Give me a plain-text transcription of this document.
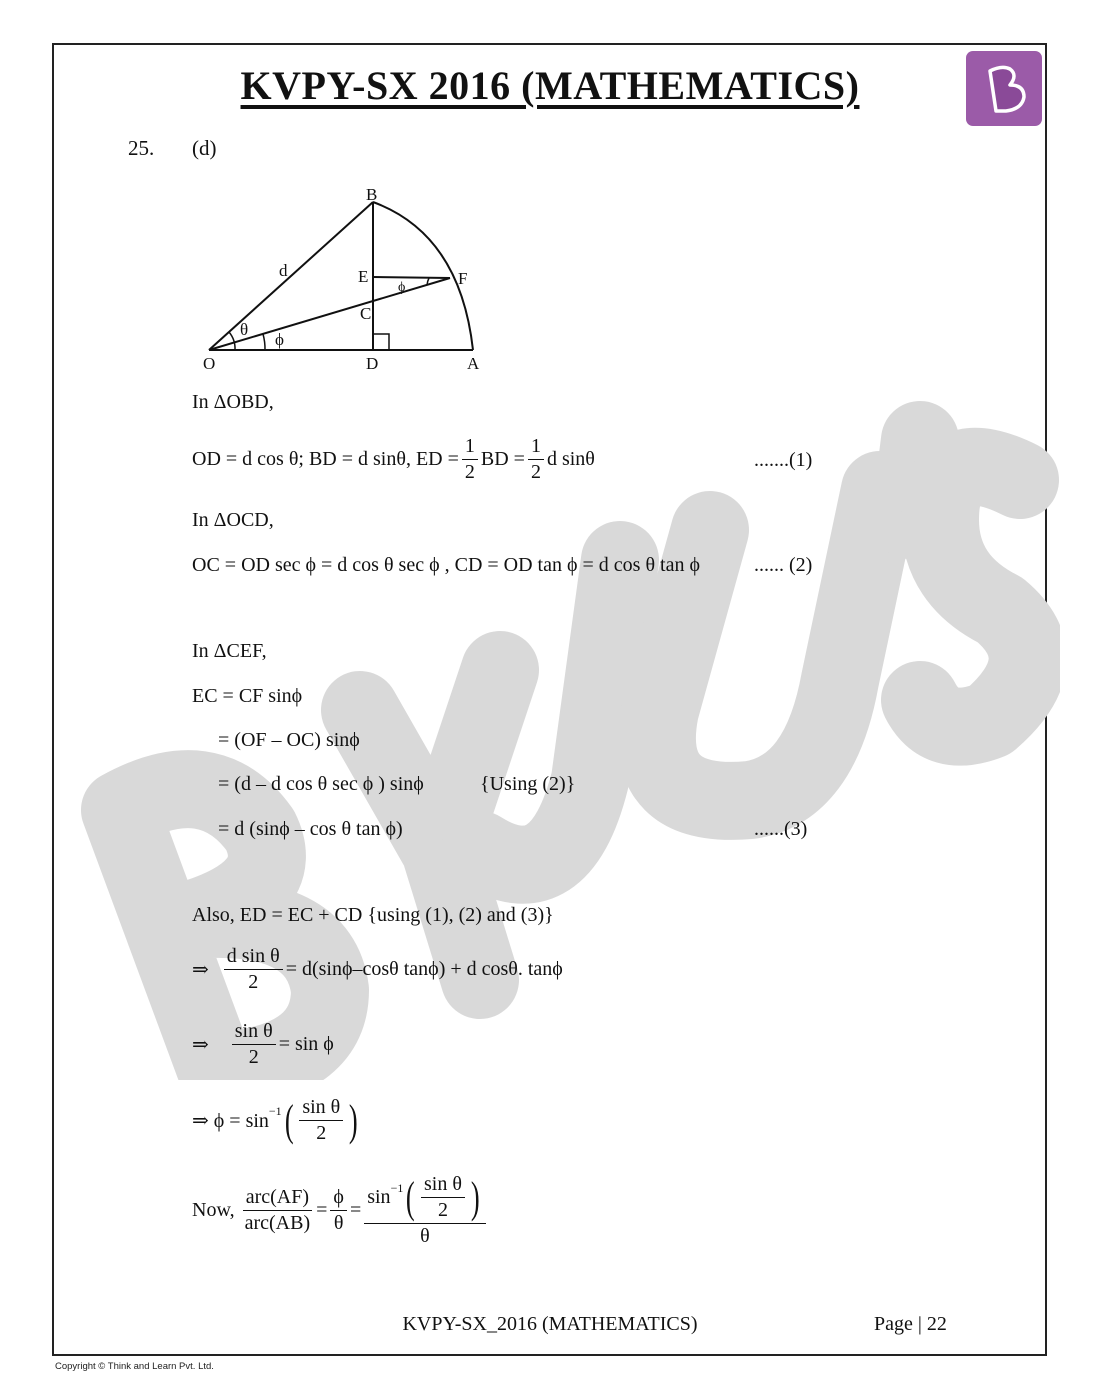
KVPY-SX 2016 (MATHEMATICS)
25. (d)
B
O	D	A
E	F
C
d
θ
ϕ
ϕ
In ΔOBD,
OD = d cos θ; BD = d sinθ, ED = $\frac{1}{2}$ BD = $\frac{1}{2}$ d sinθ	.......(1)
In ΔOCD,
OC = OD sec ϕ = d cos θ sec ϕ , CD = OD tan ϕ = d cos θ tan ϕ	...... (2)
In ΔCEF,
EC = CF sinϕ
= (OF – OC) sinϕ
= (d – d cos θ sec ϕ ) sinϕ	{Using (2)}
= d (sinϕ – cos θ tan ϕ)	......(3)
Also, ED = EC + CD {using (1), (2) and (3)}
⇒ $\frac{\text{d sin θ}}{2} = d(\sin\phi-\cos\theta$ tanϕ) + d cosθ. tanϕ
⇒ $\frac{\text{sin θ}}{2} = \sin \phi$
⇒ ϕ = sin −1 ( $\frac{\text{sin θ}}{2}$ )
Now, $\frac{\text{arc(AF)}}{\text{arc(AB)}} = \frac{\phi}{\theta}$ =
sin −1 ( $\frac{\text{sin θ}}{2}$ )
θ
KVPY-SX_2016 (MATHEMATICS)	Page | 22
Copyright © Think and Learn Pvt. Ltd.
